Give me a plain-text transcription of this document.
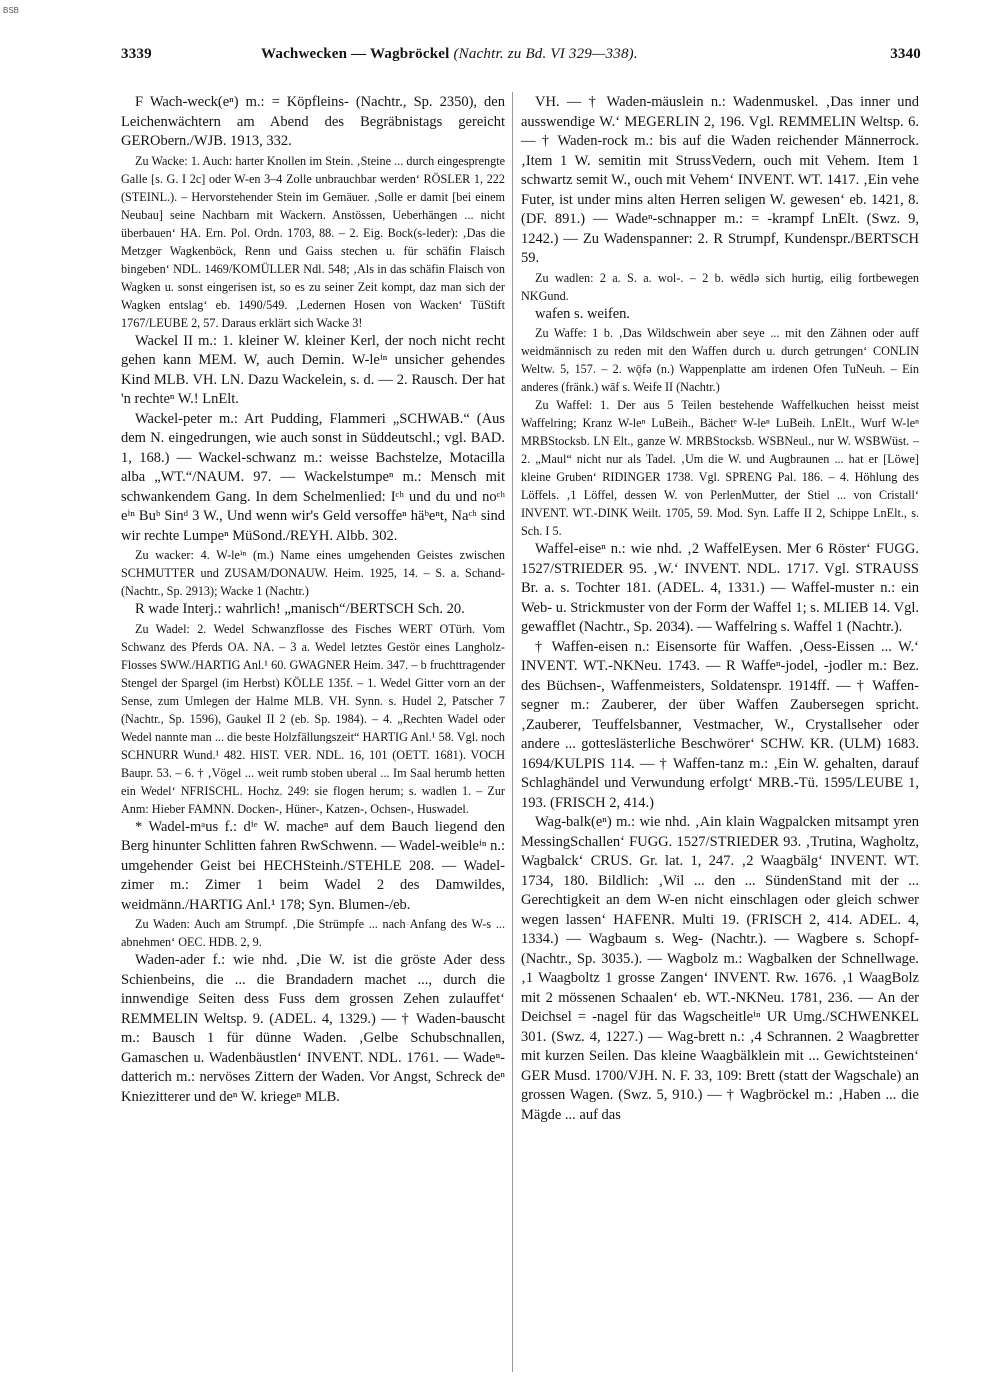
BSB
3339	Wachwecken — Wagbröckel (Nachtr. zu Bd. VI 329—338).	3340

F Wach-weck(eⁿ) m.: = Köpfleins- (Nachtr., Sp. 2350), den Leichenwächtern am Abend des Begräbnistags gereicht GERObern./WJB. 1913, 332.

Zu Wacke: 1. Auch: harter Knollen im Stein. ‚Steine ... durch eingesprengte Galle [s. G. I 2c] oder W-en 3–4 Zolle unbrauchbar werden‘ RÖSLER 1, 222 (STEINL.). – Hervorstehender Stein im Gemäuer. ‚Solle er damit [bei einem Neubau] seine Nachbarn mit Wackern. Anstössen, Ueberhängen ... nicht überbauen‘ HA. Ern. Pol. Ordn. 1703, 88. – 2. Eig. Bock(s-leder): ‚Das die Metzger Wagkenböck, Renn und Gaiss stechen u. für schäfin Flaisch bingeben‘ NDL. 1469/KOMÜLLER Ndl. 548; ‚Als in das schäfin Flaisch von Wagken u. sonst eingerisen ist, so es zu seiner Zeit kompt, daz man sich der Wagken entslag‘ eb. 1490/549. ‚Ledernen Hosen von Wacken‘ TüStift 1767/LEUBE 2, 57. Daraus erklärt sich Wacke 3!

Wackel II m.: 1. kleiner W. kleiner Kerl, der noch nicht recht gehen kann MEM. W, auch Demin. W-leⁱⁿ unsicher gehendes Kind MLB. VH. LN. Dazu Wackelein, s. d. — 2. Rausch. Der hat 'n rechteⁿ W.! LnElt.

Wackel-peter m.: Art Pudding, Flammeri „SCHWAB.“ (Aus dem N. eingedrungen, wie auch sonst in Süddeutschl.; vgl. BAD. 1, 168.) — Wackel-schwanz m.: weisse Bachstelze, Motacilla alba „WT.“/NAUM. 97. — Wackelstumpeⁿ m.: Mensch mit schwankendem Gang. In dem Schelmenlied: Iᶜʰ und du und noᶜʰ eⁱⁿ Buᵇ Sinᵈ 3 W., Und wenn wir's Geld versoffeⁿ häᵇeⁿt, Naᶜʰ sind wir rechte Lumpeⁿ MüSond./REYH. Albb. 302.

Zu wacker: 4. W-leⁱⁿ (m.) Name eines umgehenden Geistes zwischen SCHMUTTER und ZUSAM/DONAUW. Heim. 1925, 14. – S. a. Schand- (Nachtr., Sp. 2913); Wacke 1 (Nachtr.)

R wade Interj.: wahrlich! „manisch“/BERTSCH Sch. 20.

Zu Wadel: 2. Wedel Schwanzflosse des Fisches WERT OTürh. Vom Schwanz des Pferds OA. NA. – 3 a. Wedel letztes Gestör eines Langholz-Flosses SWW./HARTIG Anl.¹ 60. GWAGNER Heim. 347. – b fruchttragender Stengel der Spargel (im Herbst) KÖLLE 135f. – 1. Wedel Gitter vorn an der Sense, zum Umlegen der Halme MLB. VH. Synn. s. Hudel 2, Patscher 7 (Nachtr., Sp. 1596), Gaukel II 2 (eb. Sp. 1984). – 4. „Rechten Wadel oder Wedel nannte man ... die beste Holzfällungszeit“ HARTIG Anl.¹ 58. Vgl. noch SCHNURR Wund.¹ 482. HIST. VER. NDL. 16, 101 (OETT. 1681). VOCH Baupr. 53. – 6. † ‚Vögel ... weit rumb stoben uberal ... Im Saal herumb hetten ein Wedel‘ NFRISCHL. Hochz. 249: sie flogen herum; s. wadlen 1. – Zur Anm: Hieber FAMNN. Docken-, Hüner-, Katzen-, Ochsen-, Huswadel.

* Wadel-mᵃus f.: dⁱᵉ W. macheⁿ auf dem Bauch liegend den Berg hinunter Schlitten fahren RwSchwenn. — Wadel-weibleⁱⁿ n.: umgehender Geist bei HECHSteinh./STEHLE 208. — Wadel-zimer m.: Zimer 1 beim Wadel 2 des Damwildes, weidmänn./HARTIG Anl.¹ 178; Syn. Blumen-/eb.

Zu Waden: Auch am Strumpf. ‚Die Strümpfe ... nach Anfang des W-s ... abnehmen‘ OEC. HDB. 2, 9.

Waden-ader f.: wie nhd. ‚Die W. ist die gröste Ader dess Schienbeins, die ... die Brandadern machet ..., durch die innwendige Seiten dess Fuss dem grossen Zehen zulauffet‘ REMMELIN Weltsp. 9. (ADEL. 4, 1329.) — † Waden-bauscht m.: Bausch 1 für dünne Waden. ‚Gelbe Schubschnallen, Gamaschen u. Wadenbäustlen‘ INVENT. NDL. 1761. — Wadeⁿ-datterich m.: nervöses Zittern der Waden. Vor Angst, Schreck deⁿ Kniezitterer und deⁿ W. kriegeⁿ MLB.

VH. — † Waden-mäuslein n.: Wadenmuskel. ‚Das inner und ausswendige W.‘ MEGERLIN 2, 196. Vgl. REMMELIN Weltsp. 6. — † Waden-rock m.: bis auf die Waden reichender Männerrock. ‚Item 1 W. semitin mit StrussVedern, ouch mit Vehem. Item 1 schwartz semit W., ouch mit Vehem‘ INVENT. WT. 1417. ‚Ein vehe Futer, ist under mins alten Herren seligen W. gewesen‘ eb. 1421, 8. (DF. 891.) — Wadeⁿ-schnapper m.: = -krampf LnElt. (Swz. 9, 1242.) — Zu Wadenspanner: 2. R Strumpf, Kundenspr./BERTSCH 59.

Zu wadlen: 2 a. S. a. wol-. – 2 b. wēdlə sich hurtig, eilig fortbewegen NKGund.

wafen s. weifen.

Zu Waffe: 1 b. ‚Das Wildschwein aber seye ... mit den Zähnen oder auff weidmännisch zu reden mit den Waffen durch u. durch getrungen‘ CONLIN Weltw. 5, 157. – 2. wǭfə (n.) Wappenplatte am irdenen Ofen TuNeuh. – Ein anderes (fränk.) wāf s. Weife II (Nachtr.)

Zu Waffel: 1. Der aus 5 Teilen bestehende Waffelkuchen heisst meist Waffelring; Kranz W-leⁿ LuBeih., Bächetᵉ W-leⁿ LuBeih. LnElt., Wurf W-leⁿ MRBStocksb. LN Elt., ganze W. MRBStocksb. WSBNeul., nur W. WSBWüst. – 2. „Maul“ nicht nur als Tadel. ‚Um die W. und Augbraunen ... hat er [Löwe] kleine Gruben‘ RIDINGER 1738. Vgl. SPRENG Pal. 186. – 4. Höhlung des Löffels. ‚1 Löffel, dessen W. von PerlenMutter, der Stiel ... von Cristall‘ INVENT. WT.-DINK Weilt. 1705, 59. Mod. Syn. Laffe II 2, Schippe LnElt., s. Sch. I 5.

Waffel-eiseⁿ n.: wie nhd. ‚2 WaffelEysen. Mer 6 Röster‘ FUGG. 1527/STRIEDER 95. ‚W.‘ INVENT. NDL. 1717. Vgl. STRAUSS Br. a. s. Tochter 181. (ADEL. 4, 1331.) — Waffel-muster n.: ein Web- u. Strickmuster von der Form der Waffel 1; s. MLIEB 14. Vgl. gewafflet (Nachtr., Sp. 2034). — Waffelring s. Waffel 1 (Nachtr.).

† Waffen-eisen n.: Eisensorte für Waffen. ‚Oess-Eissen ... W.‘ INVENT. WT.-NKNeu. 1743. — R Waffeⁿ-jodel, -jodler m.: Bez. des Büchsen-, Waffenmeisters, Soldatenspr. 1914ff. — † Waffen-segner m.: Zauberer, der über Waffen Zaubersegen spricht. ‚Zauberer, Teuffelsbanner, Vestmacher, W., Crystallseher oder andere ... gotteslästerliche Beschwörer‘ SCHW. KR. (ULM) 1683. 1694/KULPIS 114. — † Waffen-tanz m.: ‚Ein W. gehalten, darauf Schlaghändel und Verwundung erfolgt‘ MRB.-Tü. 1595/LEUBE 1, 193. (FRISCH 2, 414.)

Wag-balk(eⁿ) m.: wie nhd. ‚Ain klain Wagpalcken mitsampt yren MessingSchallen‘ FUGG. 1527/STRIEDER 93. ‚Trutina, Wagholtz, Wagbalck‘ CRUS. Gr. lat. 1, 247. ‚2 Waagbälg‘ INVENT. WT. 1734, 180. Bildlich: ‚Wil ... den ... SündenStand mit der ... Gerechtigkeit an dem W-en nicht einschlagen oder gleich schwer wegen lassen‘ HAFENR. Multi 19. (FRISCH 2, 414. ADEL. 4, 1334.) — Wagbaum s. Weg- (Nachtr.). — Wagbere s. Schopf- (Nachtr., Sp. 3035.). — Wagbolz m.: Wagbalken der Schnellwage. ‚1 Waagboltz 1 grosse Zangen‘ INVENT. Rw. 1676. ‚1 WaagBolz mit 2 mössenen Schaalen‘ eb. WT.-NKNeu. 1781, 236. — An der Deichsel = -nagel für das Wagscheitleⁱⁿ UR Umg./SCHWENKEL 301. (Swz. 4, 1227.) — Wag-brett n.: ‚4 Schrannen. 2 Waagbretter mit kurzen Seilen. Das kleine Waagbälklein mit ... Gewichtsteinen‘ GER Musd. 1700/VJH. N. F. 33, 109: Brett (statt der Wagschale) an grossen Wagen. (Swz. 5, 910.) — † Wagbröckel m.: ‚Haben ... die Mägde ... auf das
